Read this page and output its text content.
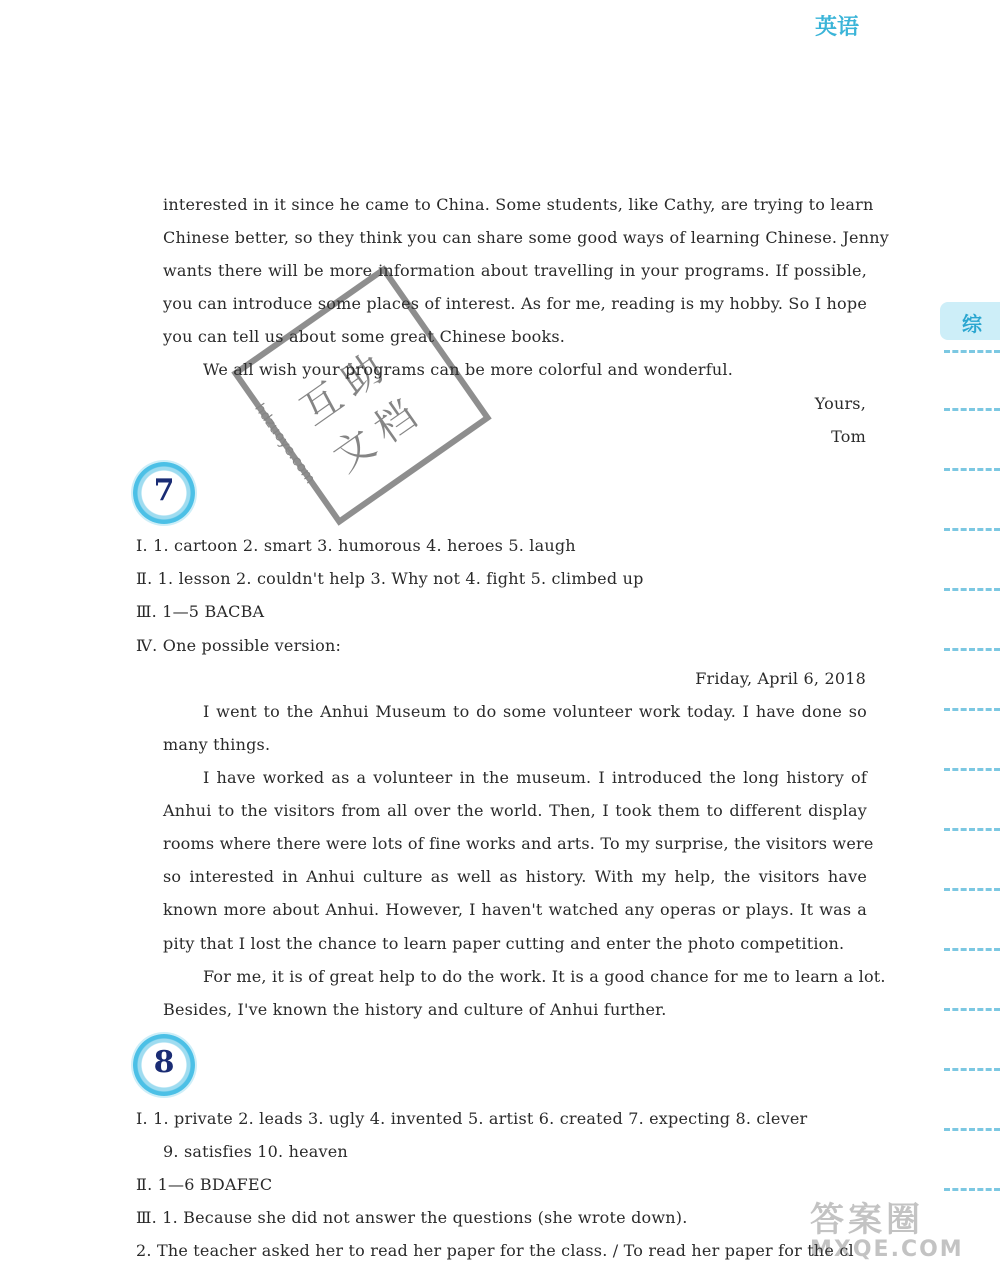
英语
综
interested in it since he came to China. Some students, like Cathy, are trying to learn
Chinese better, so they think you can share some good ways of learning Chinese. Jenny
wants there will be more information about travelling in your programs. If possible,
you can introduce some places of interest. As for me, reading is my hobby. So I hope
you can tell us about some great Chinese books.
We all wish your programs can be more colorful and wonderful.
Yours,
Tom
互助文档
hdzuoye.com
7
Ⅰ. 1. cartoon 2. smart 3. humorous 4. heroes 5. laugh
Ⅱ. 1. lesson 2. couldn't help 3. Why not 4. fight 5. climbed up
Ⅲ. 1—5 BACBA
Ⅳ. One possible version:
Friday, April 6, 2018
I went to the Anhui Museum to do some volunteer work today. I have done so
many things.
I have worked as a volunteer in the museum. I introduced the long history of
Anhui to the visitors from all over the world. Then, I took them to different display
rooms where there were lots of fine works and arts. To my surprise, the visitors were
so interested in Anhui culture as well as history. With my help, the visitors have
known more about Anhui. However, I haven't watched any operas or plays. It was a
pity that I lost the chance to learn paper cutting and enter the photo competition.
For me, it is of great help to do the work. It is a good chance for me to learn a lot.
Besides, I've known the history and culture of Anhui further.
8
Ⅰ. 1. private 2. leads 3. ugly 4. invented 5. artist 6. created 7. expecting 8. clever
9. satisfies 10. heaven
Ⅱ. 1—6 BDAFEC
Ⅲ. 1. Because she did not answer the questions (she wrote down).
2. The teacher asked her to read her paper for the class. / To read her paper for the cl
答案圈
MXQE.COM
